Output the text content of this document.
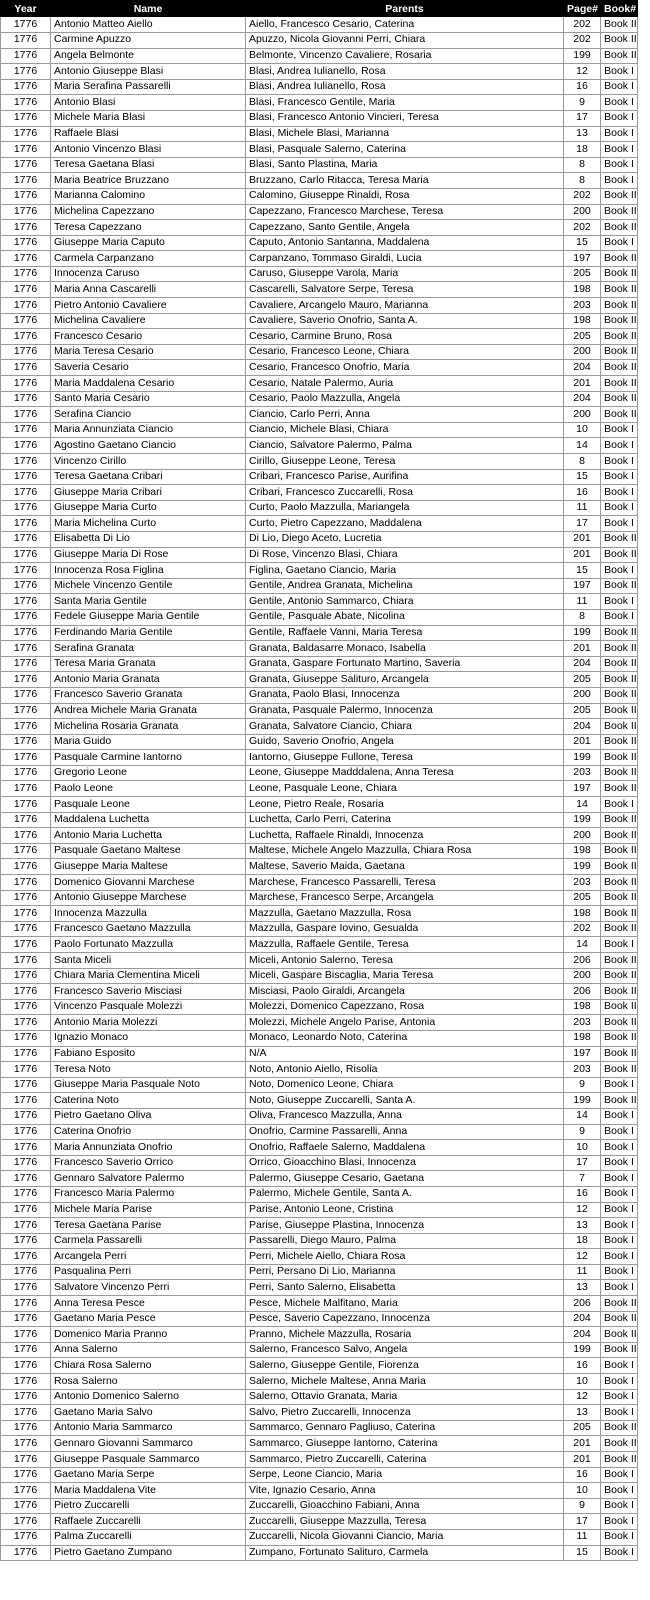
Year	Name	Parents	Page#	Book#
1776	Antonio Matteo Aiello	Aiello, Francesco Cesario, Caterina	202	Book II
1776	Carmine Apuzzo	Apuzzo, Nicola Giovanni Perri, Chiara	202	Book II
1776	Angela Belmonte	Belmonte, Vincenzo Cavaliere, Rosaria	199	Book II
1776	Antonio Giuseppe Blasi	Blasi, Andrea Iulianello, Rosa	12	Book I
1776	Maria Serafina Passarelli	Blasi, Andrea Iulianello, Rosa	16	Book I
1776	Antonio Blasi	Blasi, Francesco Gentile, Maria	9	Book I
1776	Michele Maria Blasi	Blasi, Francesco Antonio Vincieri, Teresa	17	Book I
1776	Raffaele Blasi	Blasi, Michele Blasi, Marianna	13	Book I
1776	Antonio Vincenzo Blasi	Blasi, Pasquale Salerno, Caterina	18	Book I
1776	Teresa Gaetana Blasi	Blasi, Santo Plastina, Maria	8	Book I
1776	Maria Beatrice Bruzzano	Bruzzano, Carlo Ritacca, Teresa Maria	8	Book I
1776	Marianna Calomino	Calomino, Giuseppe Rinaldi, Rosa	202	Book II
1776	Michelina Capezzano	Capezzano, Francesco Marchese, Teresa	200	Book II
1776	Teresa Capezzano	Capezzano, Santo Gentile, Angela	202	Book II
1776	Giuseppe Maria Caputo	Caputo, Antonio Santanna, Maddalena	15	Book I
1776	Carmela Carpanzano	Carpanzano, Tommaso Giraldi, Lucia	197	Book II
1776	Innocenza Caruso	Caruso, Giuseppe Varola, Maria	205	Book II
1776	Maria Anna Cascarelli	Cascarelli, Salvatore Serpe, Teresa	198	Book II
1776	Pietro Antonio Cavaliere	Cavaliere, Arcangelo Mauro, Marianna	203	Book II
1776	Michelina Cavaliere	Cavaliere, Saverio Onofrio, Santa A.	198	Book II
1776	Francesco Cesario	Cesario, Carmine Bruno, Rosa	205	Book II
1776	Maria Teresa Cesario	Cesario, Francesco Leone, Chiara	200	Book II
1776	Saveria Cesario	Cesario, Francesco Onofrio, Maria	204	Book II
1776	Maria Maddalena Cesario	Cesario, Natale Palermo, Auria	201	Book II
1776	Santo Maria Cesario	Cesario, Paolo Mazzulla, Angela	204	Book II
1776	Serafina Ciancio	Ciancio, Carlo Perri, Anna	200	Book II
1776	Maria Annunziata Ciancio	Ciancio, Michele Blasi, Chiara	10	Book I
1776	Agostino Gaetano Ciancio	Ciancio, Salvatore Palermo, Palma	14	Book I
1776	Vincenzo Cirillo	Cirillo, Giuseppe Leone, Teresa	8	Book I
1776	Teresa Gaetana Cribari	Cribari, Francesco Parise, Aurifina	15	Book I
1776	Giuseppe Maria Cribari	Cribari, Francesco Zuccarelli, Rosa	16	Book I
1776	Giuseppe Maria Curto	Curto, Paolo Mazzulla, Mariangela	11	Book I
1776	Maria Michelina Curto	Curto, Pietro Capezzano, Maddalena	17	Book I
1776	Elisabetta Di Lio	Di Lio, Diego Aceto, Lucretia	201	Book II
1776	Giuseppe Maria Di Rose	Di Rose, Vincenzo Blasi, Chiara	201	Book II
1776	Innocenza Rosa Figlina	Figlina, Gaetano Ciancio, Maria	15	Book I
1776	Michele Vincenzo Gentile	Gentile, Andrea Granata, Michelina	197	Book II
1776	Santa Maria Gentile	Gentile, Antonio Sammarco, Chiara	11	Book I
1776	Fedele Giuseppe Maria Gentile	Gentile, Pasquale Abate, Nicolina	8	Book I
1776	Ferdinando Maria Gentile	Gentile, Raffaele Vanni, Maria Teresa	199	Book II
1776	Serafina Granata	Granata, Baldasarre Monaco, Isabella	201	Book II
1776	Teresa Maria Granata	Granata, Gaspare Fortunato Martino, Saveria	204	Book II
1776	Antonio Maria Granata	Granata, Giuseppe Salituro, Arcangela	205	Book II
1776	Francesco Saverio Granata	Granata, Paolo Blasi, Innocenza	200	Book II
1776	Andrea Michele Maria Granata	Granata, Pasquale Palermo, Innocenza	205	Book II
1776	Michelina Rosaria Granata	Granata, Salvatore Ciancio, Chiara	204	Book II
1776	Maria Guido	Guido, Saverio Onofrio, Angela	201	Book II
1776	Pasquale Carmine Iantorno	Iantorno, Giuseppe Fullone, Teresa	199	Book II
1776	Gregorio Leone	Leone, Giuseppe Madddalena, Anna Teresa	203	Book II
1776	Paolo Leone	Leone, Pasquale Leone, Chiara	197	Book II
1776	Pasquale Leone	Leone, Pietro Reale, Rosaria	14	Book I
1776	Maddalena Luchetta	Luchetta, Carlo Perri, Caterina	199	Book II
1776	Antonio Maria Luchetta	Luchetta, Raffaele Rinaldi, Innocenza	200	Book II
1776	Pasquale Gaetano Maltese	Maltese, Michele Angelo Mazzulla, Chiara Rosa	198	Book II
1776	Giuseppe Maria Maltese	Maltese, Saverio Maida, Gaetana	199	Book II
1776	Domenico Giovanni Marchese	Marchese, Francesco Passarelli, Teresa	203	Book II
1776	Antonio Giuseppe Marchese	Marchese, Francesco Serpe, Arcangela	205	Book II
1776	Innocenza Mazzulla	Mazzulla, Gaetano Mazzulla, Rosa	198	Book II
1776	Francesco Gaetano Mazzulla	Mazzulla, Gaspare Iovino, Gesualda	202	Book II
1776	Paolo Fortunato Mazzulla	Mazzulla, Raffaele Gentile, Teresa	14	Book I
1776	Santa Miceli	Miceli, Antonio Salerno, Teresa	206	Book II
1776	Chiara Maria Clementina Miceli	Miceli, Gaspare Biscaglia, Maria Teresa	200	Book II
1776	Francesco Saverio Misciasi	Misciasi, Paolo Giraldi, Arcangela	206	Book II
1776	Vincenzo Pasquale Molezzi	Molezzi, Domenico Capezzano, Rosa	198	Book II
1776	Antonio Maria Molezzi	Molezzi, Michele Angelo Parise, Antonia	203	Book II
1776	Ignazio Monaco	Monaco, Leonardo Noto, Caterina	198	Book II
1776	Fabiano Esposito	N/A	197	Book II
1776	Teresa Noto	Noto, Antonio Aiello, Risolia	203	Book II
1776	Giuseppe Maria Pasquale Noto	Noto, Domenico Leone, Chiara	9	Book I
1776	Caterina Noto	Noto, Giuseppe Zuccarelli, Santa A.	199	Book II
1776	Pietro Gaetano Oliva	Oliva, Francesco Mazzulla, Anna	14	Book I
1776	Caterina Onofrio	Onofrio, Carmine Passarelli, Anna	9	Book I
1776	Maria Annunziata Onofrio	Onofrio, Raffaele Salerno, Maddalena	10	Book I
1776	Francesco Saverio Orrico	Orrico, Gioacchino Blasi, Innocenza	17	Book I
1776	Gennaro Salvatore Palermo	Palermo, Giuseppe Cesario, Gaetana	7	Book I
1776	Francesco Maria Palermo	Palermo, Michele Gentile, Santa A.	16	Book I
1776	Michele Maria Parise	Parise, Antonio Leone, Cristina	12	Book I
1776	Teresa Gaetana Parise	Parise, Giuseppe Plastina, Innocenza	13	Book I
1776	Carmela Passarelli	Passarelli, Diego Mauro, Palma	18	Book I
1776	Arcangela Perri	Perri, Michele Aiello, Chiara Rosa	12	Book I
1776	Pasqualina Perri	Perri, Persano Di Lio, Marianna	11	Book I
1776	Salvatore Vincenzo Perri	Perri, Santo Salerno, Elisabetta	13	Book I
1776	Anna Teresa Pesce	Pesce, Michele Malfitano, Maria	206	Book II
1776	Gaetano Maria Pesce	Pesce, Saverio Capezzano, Innocenza	204	Book II
1776	Domenico Maria Pranno	Pranno, Michele Mazzulla, Rosaria	204	Book II
1776	Anna Salerno	Salerno, Francesco Salvo, Angela	199	Book II
1776	Chiara Rosa Salerno	Salerno, Giuseppe Gentile, Fiorenza	16	Book I
1776	Rosa Salerno	Salerno, Michele Maltese, Anna Maria	10	Book I
1776	Antonio Domenico Salerno	Salerno, Ottavio Granata, Maria	12	Book I
1776	Gaetano Maria Salvo	Salvo, Pietro Zuccarelli, Innocenza	13	Book I
1776	Antonio Maria Sammarco	Sammarco, Gennaro Pagliuso, Caterina	205	Book II
1776	Gennaro Giovanni Sammarco	Sammarco, Giuseppe Iantorno, Caterina	201	Book II
1776	Giuseppe Pasquale Sammarco	Sammarco, Pietro Zuccarelli, Caterina	201	Book II
1776	Gaetano Maria Serpe	Serpe, Leone Ciancio, Maria	16	Book I
1776	Maria Maddalena Vite	Vite, Ignazio Cesario, Anna	10	Book I
1776	Pietro Zuccarelli	Zuccarelli, Gioacchino Fabiani, Anna	9	Book I
1776	Raffaele Zuccarelli	Zuccarelli, Giuseppe Mazzulla, Teresa	17	Book I
1776	Palma Zuccarelli	Zuccarelli, Nicola Giovanni Ciancio, Maria	11	Book I
1776	Pietro Gaetano Zumpano	Zumpano, Fortunato Salituro, Carmela	15	Book I
